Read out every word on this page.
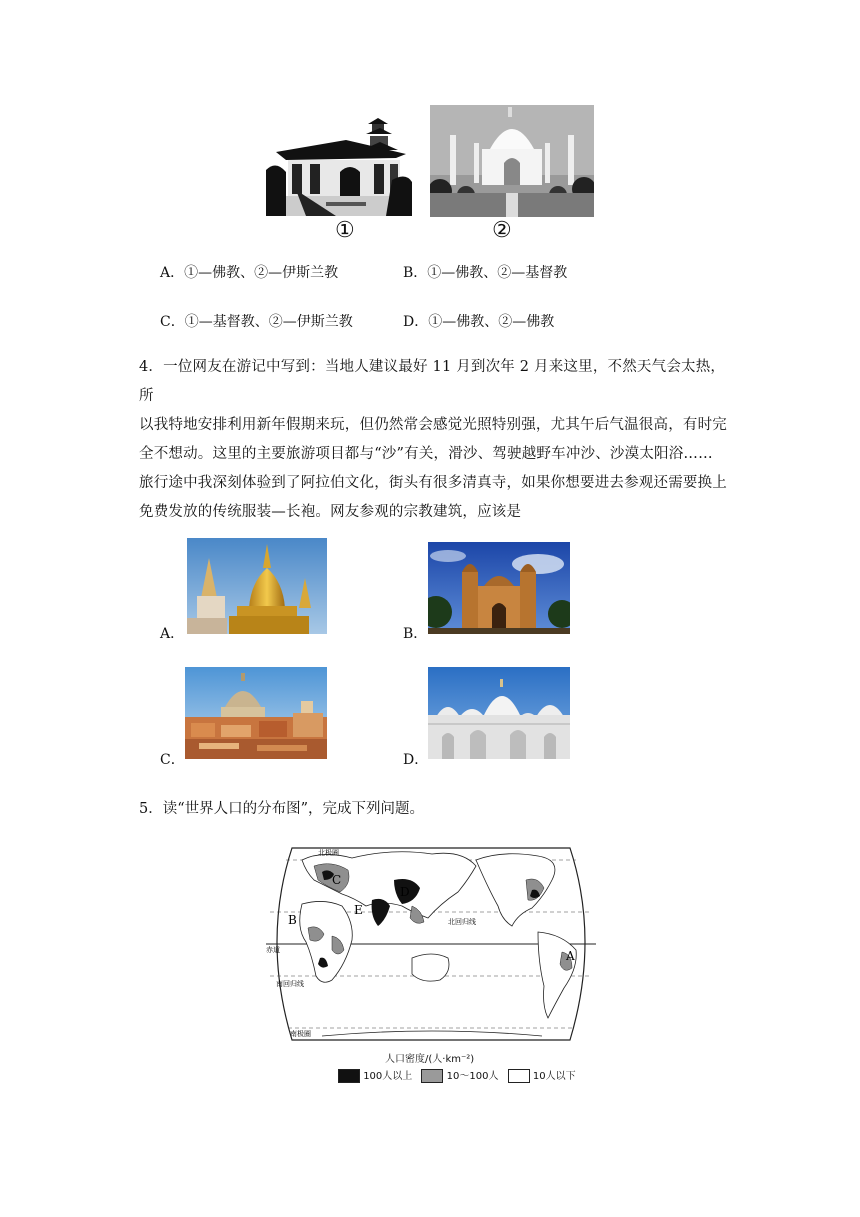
①	②
A．①—佛教、②—伊斯兰教	B．①—佛教、②—基督教
C．①—基督教、②—伊斯兰教	D．①—佛教、②—佛教
4．一位网友在游记中写到：当地人建议最好 11 月到次年 2 月来这里，不然天气会太热，所
以我特地安排利用新年假期来玩，但仍然常会感觉光照特别强，尤其午后气温很高，有时完
全不想动。这里的主要旅游项目都与“沙”有关，滑沙、驾驶越野车冲沙、沙漠太阳浴……
旅行途中我深刻体验到了阿拉伯文化，街头有很多清真寺，如果你想要进去参观还需要换上
免费发放的传统服装—长袍。网友参观的宗教建筑，应该是
A．	B．
C．	D．
5．读“世界人口的分布图”，完成下列问题。
北极圈
北回归线
赤道
南回归线
南极圈
A
B
C
D
E
人口密度/(人·km⁻²)
100人以上	10～100人	10人以下
